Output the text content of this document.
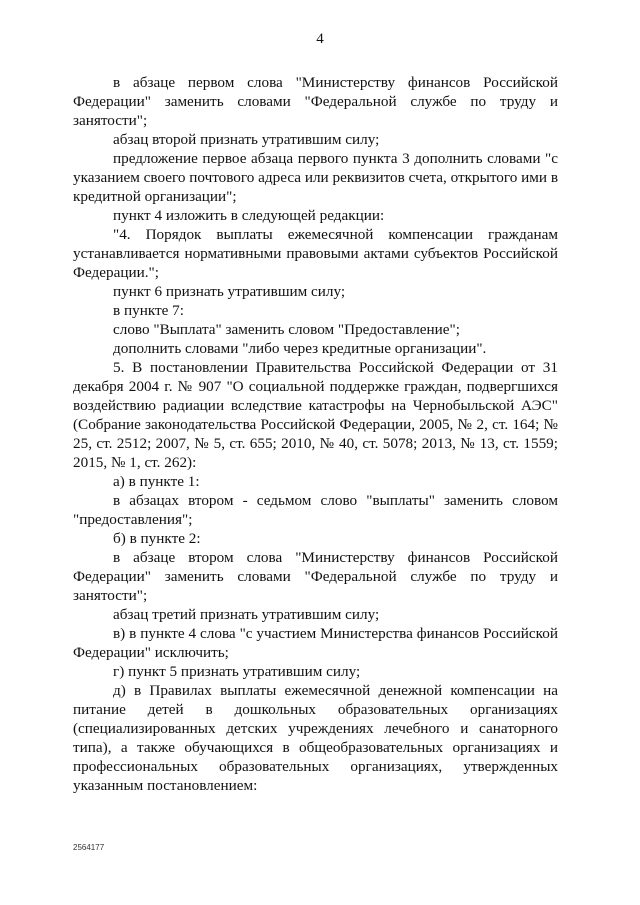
4

в абзаце первом слова "Министерству финансов Российской Федерации" заменить словами "Федеральной службе по труду и занятости";

абзац второй признать утратившим силу;

предложение первое абзаца первого пункта 3 дополнить словами "с указанием своего почтового адреса или реквизитов счета, открытого ими в кредитной организации";

пункт 4 изложить в следующей редакции:

"4. Порядок выплаты ежемесячной компенсации гражданам устанавливается нормативными правовыми актами субъектов Российской Федерации.";

пункт 6 признать утратившим силу;

в пункте 7:

слово "Выплата" заменить словом "Предоставление";

дополнить словами "либо через кредитные организации".

5. В постановлении Правительства Российской Федерации от 31 декабря 2004 г. № 907 "О социальной поддержке граждан, подвергшихся воздействию радиации вследствие катастрофы на Чернобыльской АЭС" (Собрание законодательства Российской Федерации, 2005, № 2, ст. 164; № 25, ст. 2512; 2007, № 5, ст. 655; 2010, № 40, ст. 5078; 2013, № 13, ст. 1559; 2015, № 1, ст. 262):

а) в пункте 1:

в абзацах втором - седьмом слово "выплаты" заменить словом "предоставления";

б) в пункте 2:

в абзаце втором слова "Министерству финансов Российской Федерации" заменить словами "Федеральной службе по труду и занятости";

абзац третий признать утратившим силу;

в) в пункте 4 слова "с участием Министерства финансов Российской Федерации" исключить;

г) пункт 5 признать утратившим силу;

д) в Правилах выплаты ежемесячной денежной компенсации на питание детей в дошкольных образовательных организациях (специализированных детских учреждениях лечебного и санаторного типа), а также обучающихся в общеобразовательных организациях и профессиональных образовательных организациях, утвержденных указанным постановлением:

2564177
